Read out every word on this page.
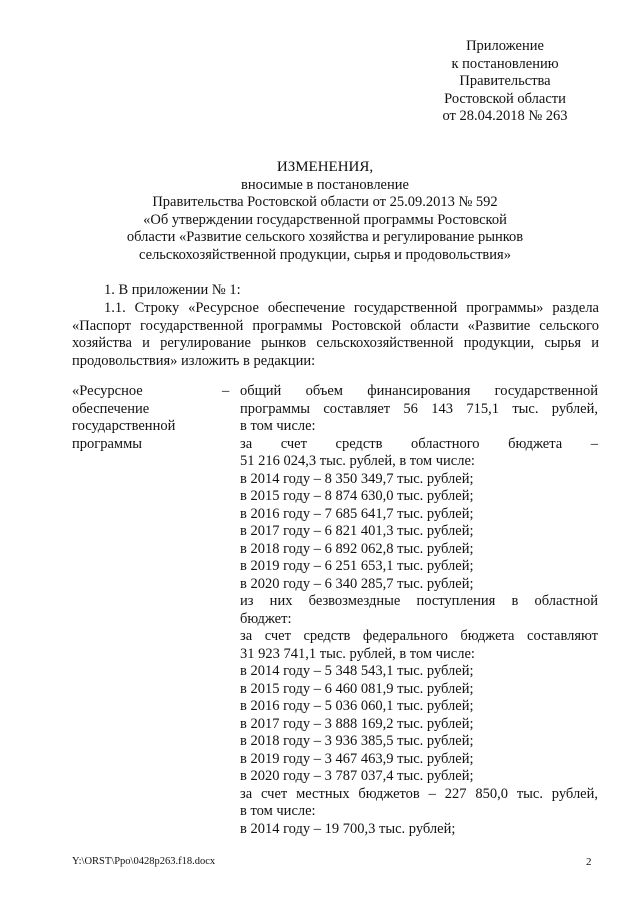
Приложение
к постановлению
Правительства
Ростовской области
от 28.04.2018 № 263
ИЗМЕНЕНИЯ,
вносимые в постановление
Правительства Ростовской области от 25.09.2013 № 592
«Об утверждении государственной программы Ростовской
области «Развитие сельского хозяйства и регулирование рынков
сельскохозяйственной продукции, сырья и продовольствия»
1. В приложении № 1:
1.1. Строку «Ресурсное обеспечение государственной программы» раздела
«Паспорт государственной программы Ростовской области «Развитие сельского
хозяйства и регулирование рынков сельскохозяйственной продукции, сырья и
продовольствия» изложить в редакции:
«Ресурсное
обеспечение
государственной
программы
– общий объем финансирования государственной
программы составляет 56 143 715,1 тыс. рублей,
в том числе:
за счет средств областного бюджета –
51 216 024,3 тыс. рублей, в том числе:
в 2014 году – 8 350 349,7 тыс. рублей;
в 2015 году – 8 874 630,0 тыс. рублей;
в 2016 году – 7 685 641,7 тыс. рублей;
в 2017 году – 6 821 401,3 тыс. рублей;
в 2018 году – 6 892 062,8 тыс. рублей;
в 2019 году – 6 251 653,1 тыс. рублей;
в 2020 году – 6 340 285,7 тыс. рублей;
из них безвозмездные поступления в областной
бюджет:
за счет средств федерального бюджета составляют
31 923 741,1 тыс. рублей, в том числе:
в 2014 году – 5 348 543,1 тыс. рублей;
в 2015 году – 6 460 081,9 тыс. рублей;
в 2016 году – 5 036 060,1 тыс. рублей;
в 2017 году – 3 888 169,2 тыс. рублей;
в 2018 году – 3 936 385,5 тыс. рублей;
в 2019 году – 3 467 463,9 тыс. рублей;
в 2020 году – 3 787 037,4 тыс. рублей;
за счет местных бюджетов – 227 850,0 тыс. рублей,
в том числе:
в 2014 году – 19 700,3 тыс. рублей;
Y:\ORST\Ppo\0428p263.f18.docx	2
